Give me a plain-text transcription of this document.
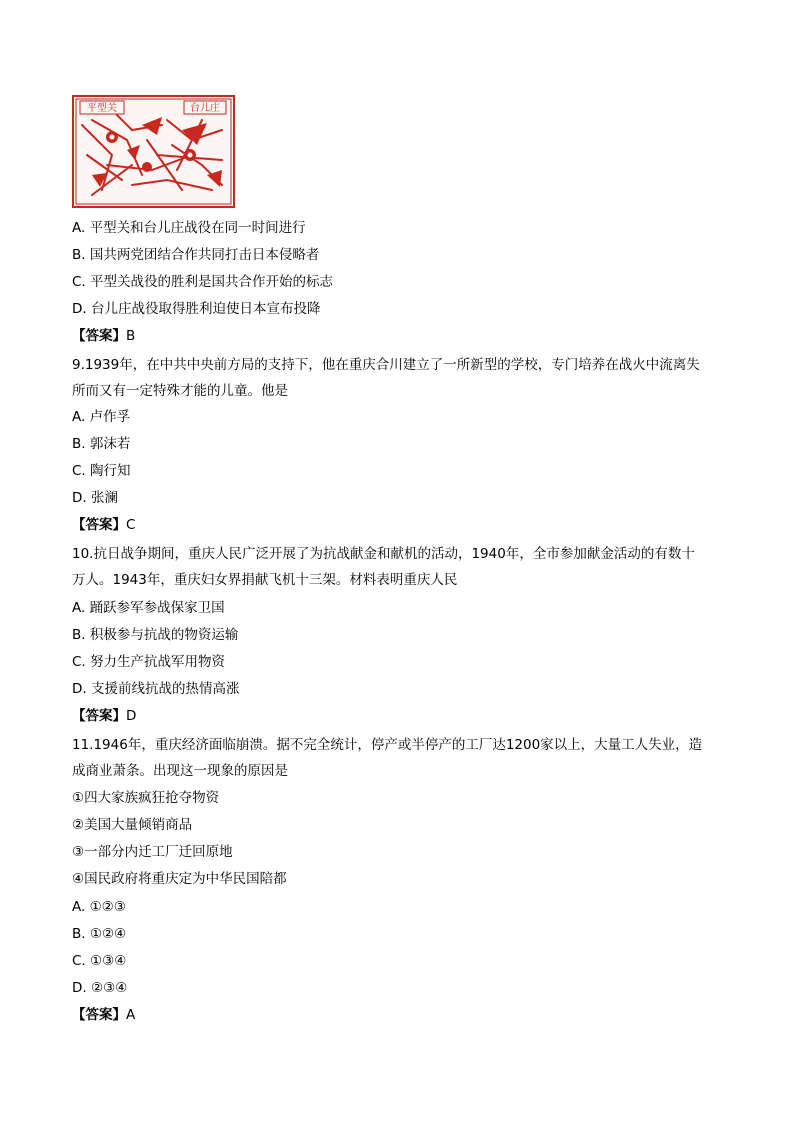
平型关	台儿庄
A. 平型关和台儿庄战役在同一时间进行
B. 国共两党团结合作共同打击日本侵略者
C. 平型关战役的胜利是国共合作开始的标志
D. 台儿庄战役取得胜利迫使日本宣布投降
【答案】B
9.1939年，在中共中央前方局的支持下，他在重庆合川建立了一所新型的学校，专门培养在战火中流离失
所而又有一定特殊才能的儿童。他是
A. 卢作孚
B. 郭沫若
C. 陶行知
D. 张澜
【答案】C
10.抗日战争期间，重庆人民广泛开展了为抗战献金和献机的活动，1940年，全市参加献金活动的有数十
万人。1943年，重庆妇女界捐献飞机十三架。材料表明重庆人民
A. 踊跃参军参战保家卫国
B. 积极参与抗战的物资运输
C. 努力生产抗战军用物资
D. 支援前线抗战的热情高涨
【答案】D
11.1946年，重庆经济面临崩溃。据不完全统计，停产或半停产的工厂达1200家以上，大量工人失业，造
成商业萧条。出现这一现象的原因是
①四大家族疯狂抢夺物资
②美国大量倾销商品
③一部分内迁工厂迁回原地
④国民政府将重庆定为中华民国陪都
A. ①②③
B. ①②④
C. ①③④
D. ②③④
【答案】A
